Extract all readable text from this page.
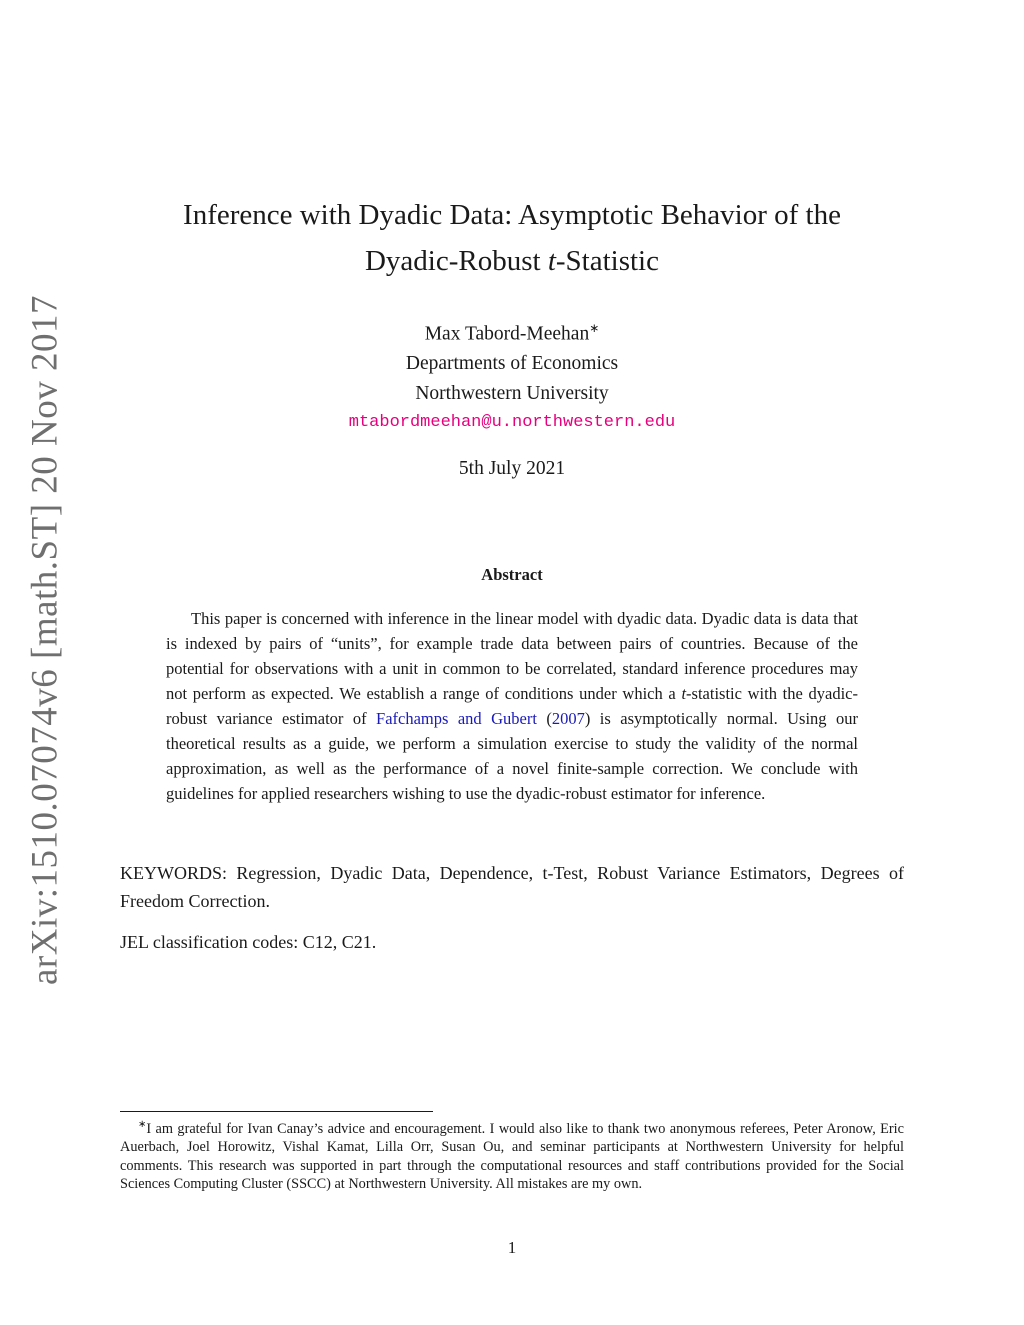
arXiv:1510.07074v6 [math.ST] 20 Nov 2017
Inference with Dyadic Data: Asymptotic Behavior of the
Dyadic-Robust t-Statistic
Max Tabord-Meehan∗
Departments of Economics
Northwestern University
mtabordmeehan@u.northwestern.edu
5th July 2021
Abstract
This paper is concerned with inference in the linear model with dyadic data. Dyadic data is data that is indexed by pairs of “units”, for example trade data between pairs of countries. Because of the potential for observations with a unit in common to be correlated, standard inference procedures may not perform as expected. We establish a range of conditions under which a t-statistic with the dyadic-robust variance estimator of Fafchamps and Gubert (2007) is asymptotically normal. Using our theoretical results as a guide, we perform a simulation exercise to study the validity of the normal approximation, as well as the performance of a novel finite-sample correction. We conclude with guidelines for applied researchers wishing to use the dyadic-robust estimator for inference.
KEYWORDS: Regression, Dyadic Data, Dependence, t-Test, Robust Variance Estimators, Degrees of Freedom Correction.
JEL classification codes: C12, C21.
∗I am grateful for Ivan Canay’s advice and encouragement. I would also like to thank two anonymous referees, Peter Aronow, Eric Auerbach, Joel Horowitz, Vishal Kamat, Lilla Orr, Susan Ou, and seminar participants at Northwestern University for helpful comments. This research was supported in part through the computational resources and staff contributions provided for the Social Sciences Computing Cluster (SSCC) at Northwestern University. All mistakes are my own.
1
